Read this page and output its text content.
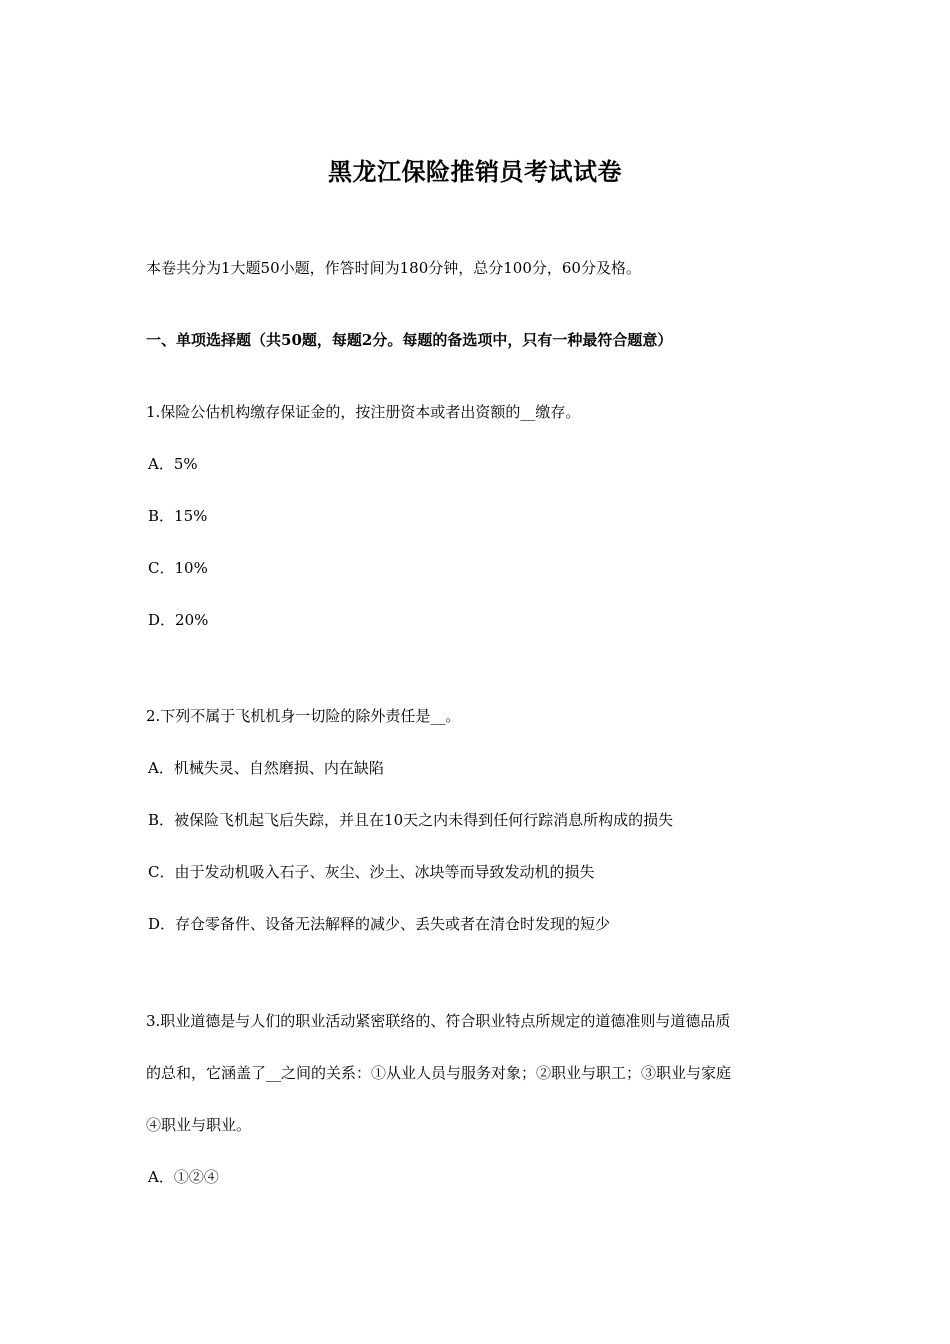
黑龙江保险推销员考试试卷
本卷共分为1大题50小题，作答时间为180分钟，总分100分，60分及格。
一、单项选择题（共50题，每题2分。每题的备选项中，只有一种最符合题意）
1.保险公估机构缴存保证金的，按注册资本或者出资额的__缴存。
A．5%
B．15%
C．10%
D．20%
2.下列不属于飞机机身一切险的除外责任是__。
A．机械失灵、自然磨损、内在缺陷
B．被保险飞机起飞后失踪，并且在10天之内未得到任何行踪消息所构成的损失
C．由于发动机吸入石子、灰尘、沙土、冰块等而导致发动机的损失
D．存仓零备件、设备无法解释的减少、丢失或者在清仓时发现的短少
3.职业道德是与人们的职业活动紧密联络的、符合职业特点所规定的道德准则与道德品质
的总和，它涵盖了__之间的关系：①从业人员与服务对象；②职业与职工；③职业与家庭
④职业与职业。
A．①②④
